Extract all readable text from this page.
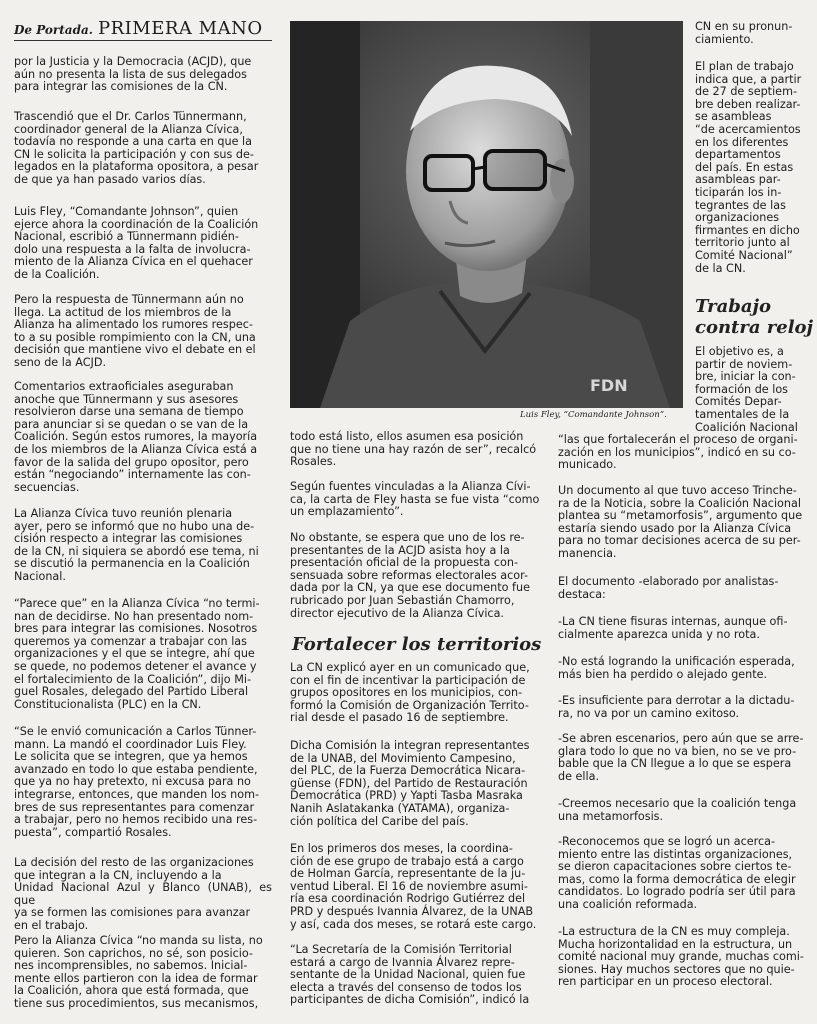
De Portada. PRIMERA MANO

por la Justicia y la Democracia (ACJD), que
aún no presenta la lista de sus delegados
para integrar las comisiones de la CN.

Trascendió que el Dr. Carlos Tünnermann,
coordinador general de la Alianza Cívica,
todavía no responde a una carta en que la
CN le solicita la participación y con sus de-
legados en la plataforma opositora, a pesar
de que ya han pasado varios días.

Luis Fley, “Comandante Johnson”, quien
ejerce ahora la coordinación de la Coalición
Nacional, escribió a Tünnermann pidién-
dolo una respuesta a la falta de involucra-
miento de la Alianza Cívica en el quehacer
de la Coalición.

Pero la respuesta de Tünnermann aún no
llega. La actitud de los miembros de la
Alianza ha alimentado los rumores respec-
to a su posible rompimiento con la CN, una
decisión que mantiene vivo el debate en el
seno de la ACJD.

Comentarios extraoficiales aseguraban
anoche que Tünnermann y sus asesores
resolvieron darse una semana de tiempo
para anunciar si se quedan o se van de la
Coalición. Según estos rumores, la mayoría
de los miembros de la Alianza Cívica está a
favor de la salida del grupo opositor, pero
están “negociando” internamente las con-
secuencias.

La Alianza Cívica tuvo reunión plenaria
ayer, pero se informó que no hubo una de-
cisión respecto a integrar las comisiones
de la CN, ni siquiera se abordó ese tema, ni
se discutió la permanencia en la Coalición
Nacional.

“Parece que” en la Alianza Cívica “no termi-
nan de decidirse. No han presentado nom-
bres para integrar las comisiones. Nosotros
queremos ya comenzar a trabajar con las
organizaciones y el que se integre, ahí que
se quede, no podemos detener el avance y
el fortalecimiento de la Coalición”, dijo Mi-
guel Rosales, delegado del Partido Liberal
Constitucionalista (PLC) en la CN.

“Se le envió comunicación a Carlos Tünner-
mann. La mandó el coordinador Luis Fley.
Le solicita que se integren, que ya hemos
avanzado en todo lo que estaba pendiente,
que ya no hay pretexto, ni excusa para no
integrarse, entonces, que manden los nom-
bres de sus representantes para comenzar
a trabajar, pero no hemos recibido una res-
puesta”, compartió Rosales.

La decisión del resto de las organizaciones
que integran a la CN, incluyendo a la
Unidad Nacional Azul y Blanco (UNAB), es que
ya se formen las comisiones para avanzar
en el trabajo.

Pero la Alianza Cívica “no manda su lista, no
quieren. Son caprichos, no sé, son posicio-
nes incomprensibles, no sabemos. Inicial-
mente ellos partieron con la idea de formar
la Coalición, ahora que está formada, que
tiene sus procedimientos, sus mecanismos,

FDN
Luis Fley, “Comandante Johnson”.

todo está listo, ellos asumen esa posición
que no tiene una hay razón de ser”, recalcó
Rosales.

Según fuentes vinculadas a la Alianza Cívi-
ca, la carta de Fley hasta se fue vista “como
un emplazamiento”.

No obstante, se espera que uno de los re-
presentantes de la ACJD asista hoy a la
presentación oficial de la propuesta con-
sensuada sobre reformas electorales acor-
dada por la CN, ya que ese documento fue
rubricado por Juan Sebastián Chamorro,
director ejecutivo de la Alianza Cívica.

Fortalecer los territorios

La CN explicó ayer en un comunicado que,
con el fin de incentivar la participación de
grupos opositores en los municipios, con-
formó la Comisión de Organización Territo-
rial desde el pasado 16 de septiembre.

Dicha Comisión la integran representantes
de la UNAB, del Movimiento Campesino,
del PLC, de la Fuerza Democrática Nicara-
güense (FDN), del Partido de Restauración
Democrática (PRD) y Yapti Tasba Masraka
Nanih Aslatakanka (YATAMA), organiza-
ción política del Caribe del país.

En los primeros dos meses, la coordina-
ción de ese grupo de trabajo está a cargo
de Holman García, representante de la ju-
ventud Liberal. El 16 de noviembre asumi-
ría esa coordinación Rodrigo Gutiérrez del
PRD y después Ivannia Álvarez, de la UNAB
y así, cada dos meses, se rotará este cargo.

“La Secretaría de la Comisión Territorial
estará a cargo de Ivannia Álvarez repre-
sentante de la Unidad Nacional, quien fue
electa a través del consenso de todos los
participantes de dicha Comisión”, indicó la

CN en su pronun-
ciamiento.

El plan de trabajo
indica que, a partir
de 27 de septiem-
bre deben realizar-
se asambleas
“de acercamientos
en los diferentes
departamentos
del país. En estas
asambleas par-
ticiparán los in-
tegrantes de las
organizaciones
firmantes en dicho
territorio junto al
Comité Nacional”
de la CN.

Trabajo
contra reloj

El objetivo es, a
partir de noviem-
bre, iniciar la con-
formación de los
Comités Depar-
tamentales de la
Coalición Nacional

“las que fortalecerán el proceso de organi-
zación en los municipios”, indicó en su co-
municado.

Un documento al que tuvo acceso Trinche-
ra de la Noticia, sobre la Coalición Nacional
plantea su “metamorfosis”, argumento que
estaría siendo usado por la Alianza Cívica
para no tomar decisiones acerca de su per-
manencia.

El documento -elaborado por analistas-
destaca:

-La CN tiene fisuras internas, aunque ofi-
cialmente aparezca unida y no rota.

-No está logrando la unificación esperada,
más bien ha perdido o alejado gente.

-Es insuficiente para derrotar a la dictadu-
ra, no va por un camino exitoso.

-Se abren escenarios, pero aún que se arre-
glara todo lo que no va bien, no se ve pro-
bable que la CN llegue a lo que se espera
de ella.

-Creemos necesario que la coalición tenga
una metamorfosis.

-Reconocemos que se logró un acerca-
miento entre las distintas organizaciones,
se dieron capacitaciones sobre ciertos te-
mas, como la forma democrática de elegir
candidatos. Lo logrado podría ser útil para
una coalición reformada.

-La estructura de la CN es muy compleja.
Mucha horizontalidad en la estructura, un
comité nacional muy grande, muchas comi-
siones. Hay muchos sectores que no quie-
ren participar en un proceso electoral.
